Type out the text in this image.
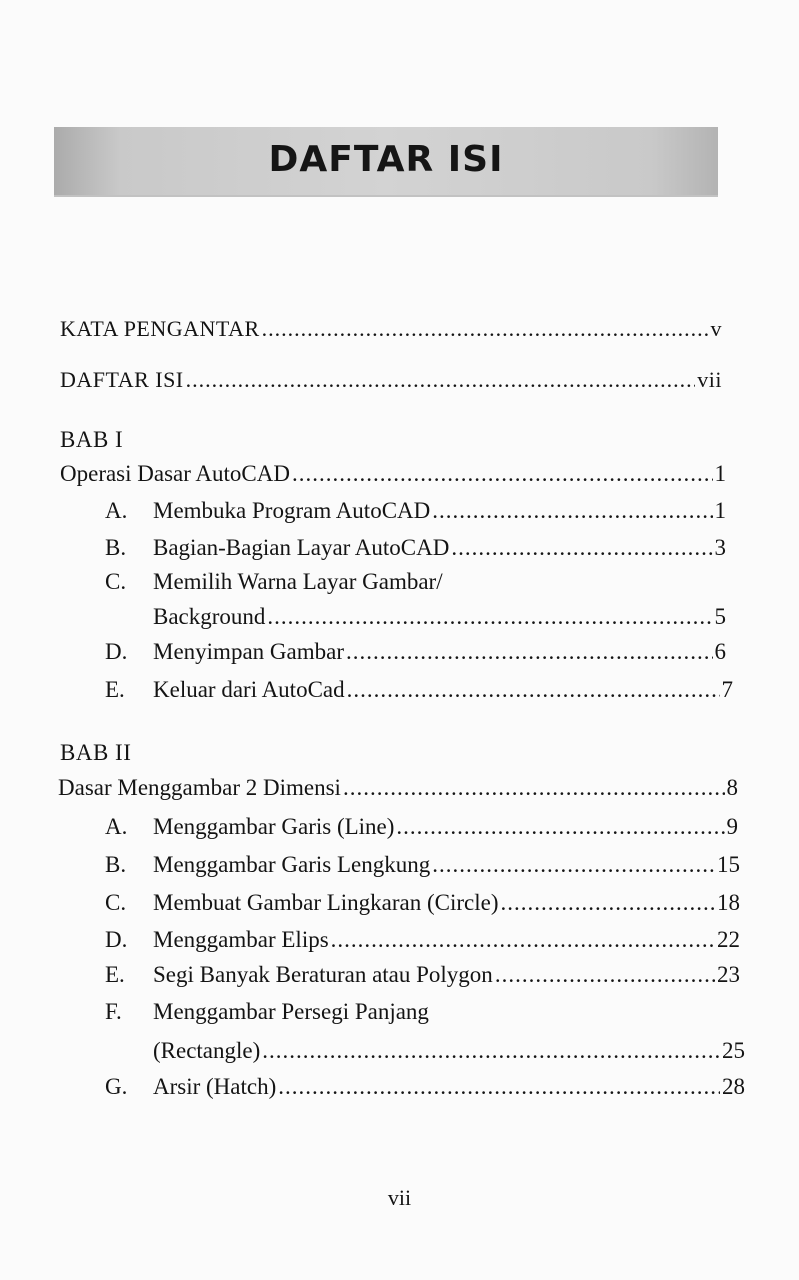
DAFTAR ISI
KATA PENGANTAR .....	v
DAFTAR ISI .....	vii
BAB I
Operasi Dasar AutoCAD .....	1
A. Membuka Program AutoCAD .....	1
B. Bagian-Bagian Layar AutoCAD .....	3
C. Memilih Warna Layar Gambar/
Background .....	5
D. Menyimpan Gambar .....	6
E. Keluar dari AutoCad .....	7
BAB II
Dasar Menggambar 2 Dimensi .....	8
A. Menggambar Garis (Line) .....	9
B. Menggambar Garis Lengkung .....	15
C. Membuat Gambar Lingkaran (Circle) .....	18
D. Menggambar Elips .....	22
E. Segi Banyak Beraturan atau Polygon .....	23
F. Menggambar Persegi Panjang
(Rectangle) .....	25
G. Arsir (Hatch) .....	28
vii
